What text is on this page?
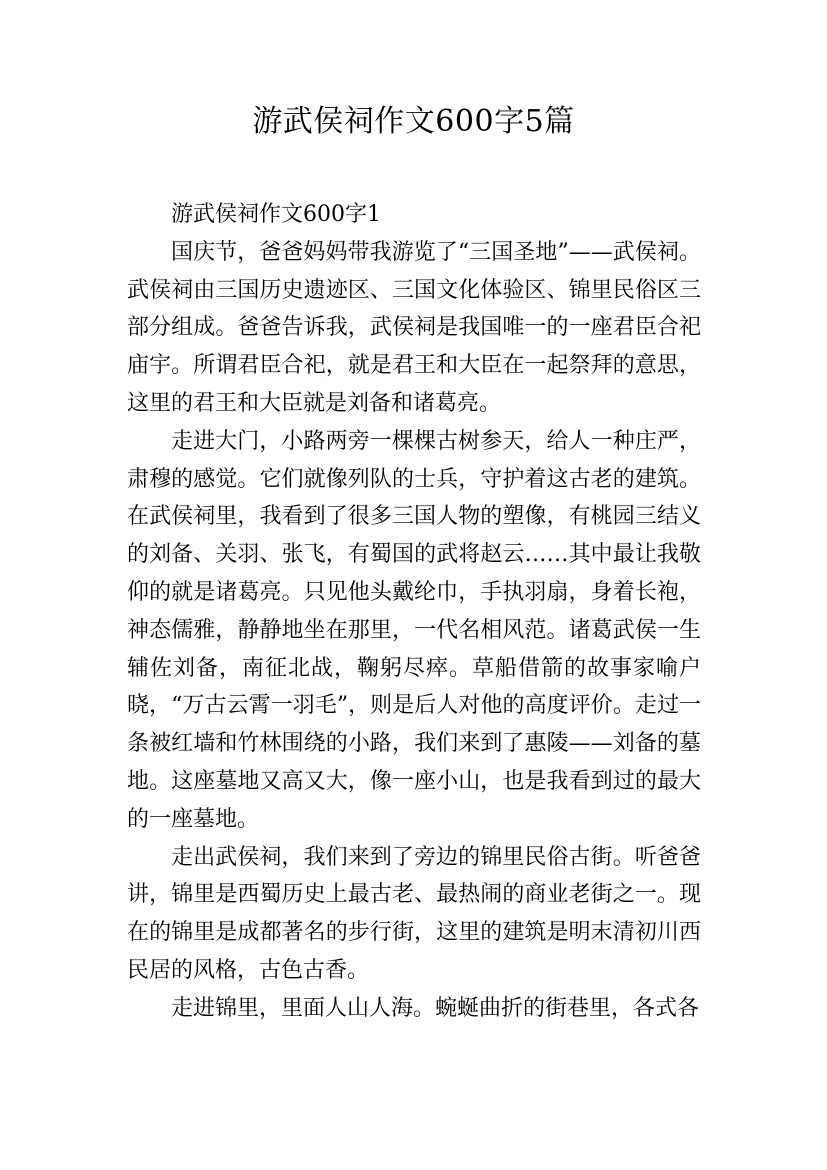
游武侯祠作文600字5篇
游武侯祠作文600字1

国庆节，爸爸妈妈带我游览了“三国圣地”——武侯祠。武侯祠由三国历史遗迹区、三国文化体验区、锦里民俗区三部分组成。爸爸告诉我，武侯祠是我国唯一的一座君臣合祀庙宇。所谓君臣合祀，就是君王和大臣在一起祭拜的意思，这里的君王和大臣就是刘备和诸葛亮。

走进大门，小路两旁一棵棵古树参天，给人一种庄严，肃穆的感觉。它们就像列队的士兵，守护着这古老的建筑。在武侯祠里，我看到了很多三国人物的塑像，有桃园三结义的刘备、关羽、张飞，有蜀国的武将赵云……其中最让我敬仰的就是诸葛亮。只见他头戴纶巾，手执羽扇，身着长袍，神态儒雅，静静地坐在那里，一代名相风范。诸葛武侯一生辅佐刘备，南征北战，鞠躬尽瘁。草船借箭的故事家喻户晓，“万古云霄一羽毛”，则是后人对他的高度评价。走过一条被红墙和竹林围绕的小路，我们来到了惠陵——刘备的墓地。这座墓地又高又大，像一座小山，也是我看到过的最大的一座墓地。

走出武侯祠，我们来到了旁边的锦里民俗古街。听爸爸讲，锦里是西蜀历史上最古老、最热闹的商业老街之一。现在的锦里是成都著名的步行街，这里的建筑是明末清初川西民居的风格，古色古香。

走进锦里，里面人山人海。蜿蜒曲折的街巷里，各式各
